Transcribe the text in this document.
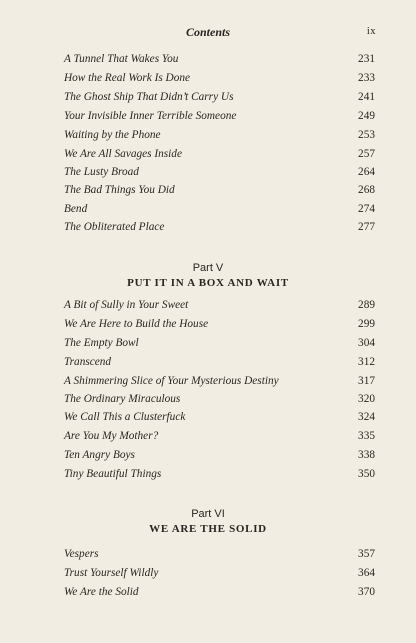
Contents	ix
A Tunnel That Wakes You	231
How the Real Work Is Done	233
The Ghost Ship That Didn’t Carry Us	241
Your Invisible Inner Terrible Someone	249
Waiting by the Phone	253
We Are All Savages Inside	257
The Lusty Broad	264
The Bad Things You Did	268
Bend	274
The Obliterated Place	277
Part V
PUT IT IN A BOX AND WAIT
A Bit of Sully in Your Sweet	289
We Are Here to Build the House	299
The Empty Bowl	304
Transcend	312
A Shimmering Slice of Your Mysterious Destiny	317
The Ordinary Miraculous	320
We Call This a Clusterfuck	324
Are You My Mother?	335
Ten Angry Boys	338
Tiny Beautiful Things	350
Part VI
WE ARE THE SOLID
Vespers	357
Trust Yourself Wildly	364
We Are the Solid	370
